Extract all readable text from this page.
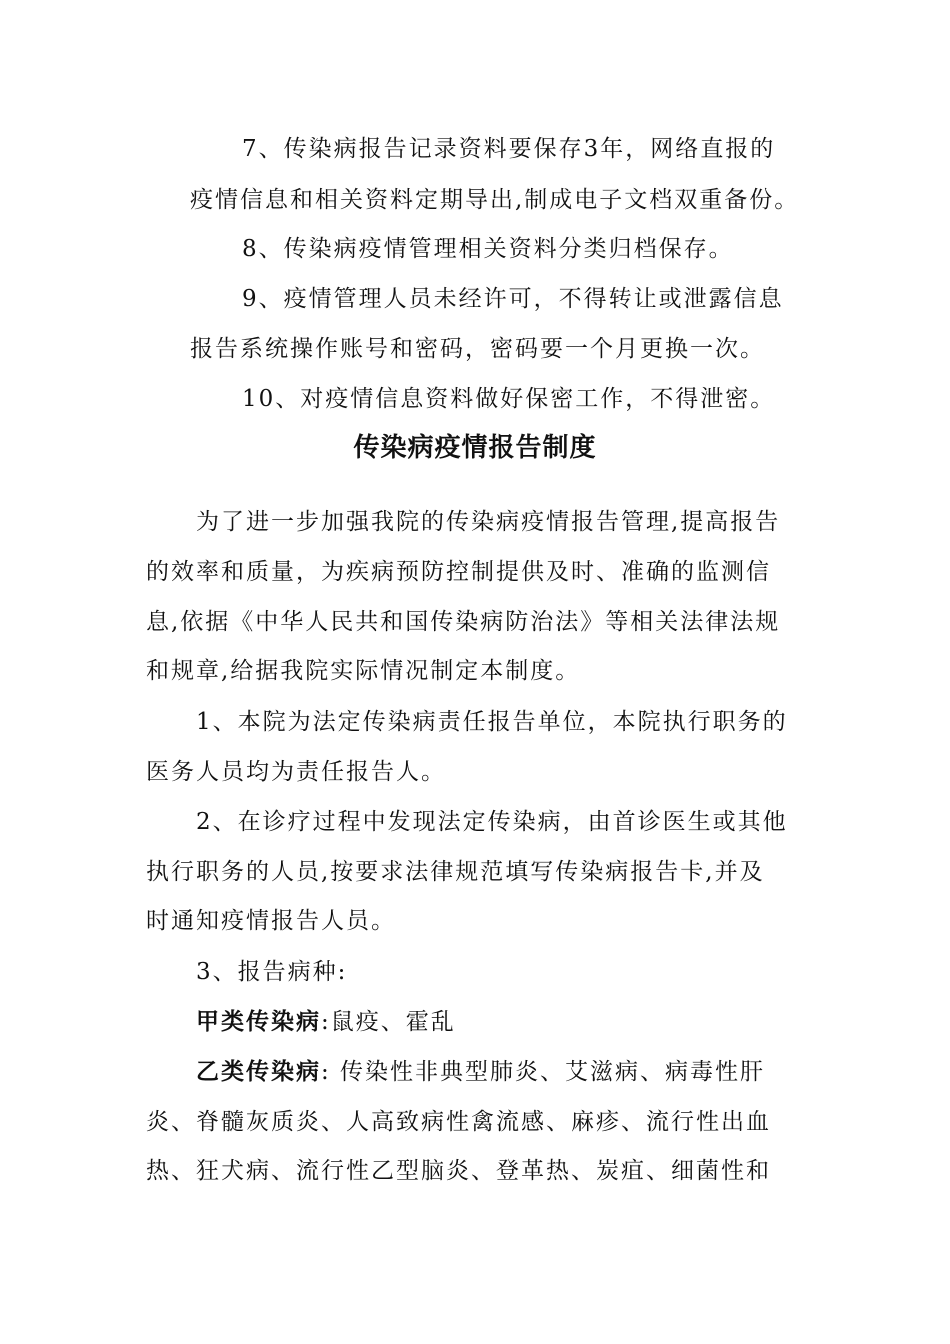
7、传染病报告记录资料要保存3年，网络直报的
疫情信息和相关资料定期导出,制成电子文档双重备份。
8、传染病疫情管理相关资料分类归档保存。
9、疫情管理人员未经许可，不得转让或泄露信息
报告系统操作账号和密码，密码要一个月更换一次。
10、对疫情信息资料做好保密工作，不得泄密。
传染病疫情报告制度
为了进一步加强我院的传染病疫情报告管理,提高报告
的效率和质量，为疾病预防控制提供及时、准确的监测信
息,依据《中华人民共和国传染病防治法》等相关法律法规
和规章,给据我院实际情况制定本制度。
1、本院为法定传染病责任报告单位，本院执行职务的
医务人员均为责任报告人。
2、在诊疗过程中发现法定传染病，由首诊医生或其他
执行职务的人员,按要求法律规范填写传染病报告卡,并及
时通知疫情报告人员。
3、报告病种:
甲类传染病:鼠疫、霍乱
乙类传染病: 传染性非典型肺炎、艾滋病、病毒性肝
炎、脊髓灰质炎、人高致病性禽流感、麻疹、流行性出血
热、狂犬病、流行性乙型脑炎、登革热、炭疽、细菌性和
